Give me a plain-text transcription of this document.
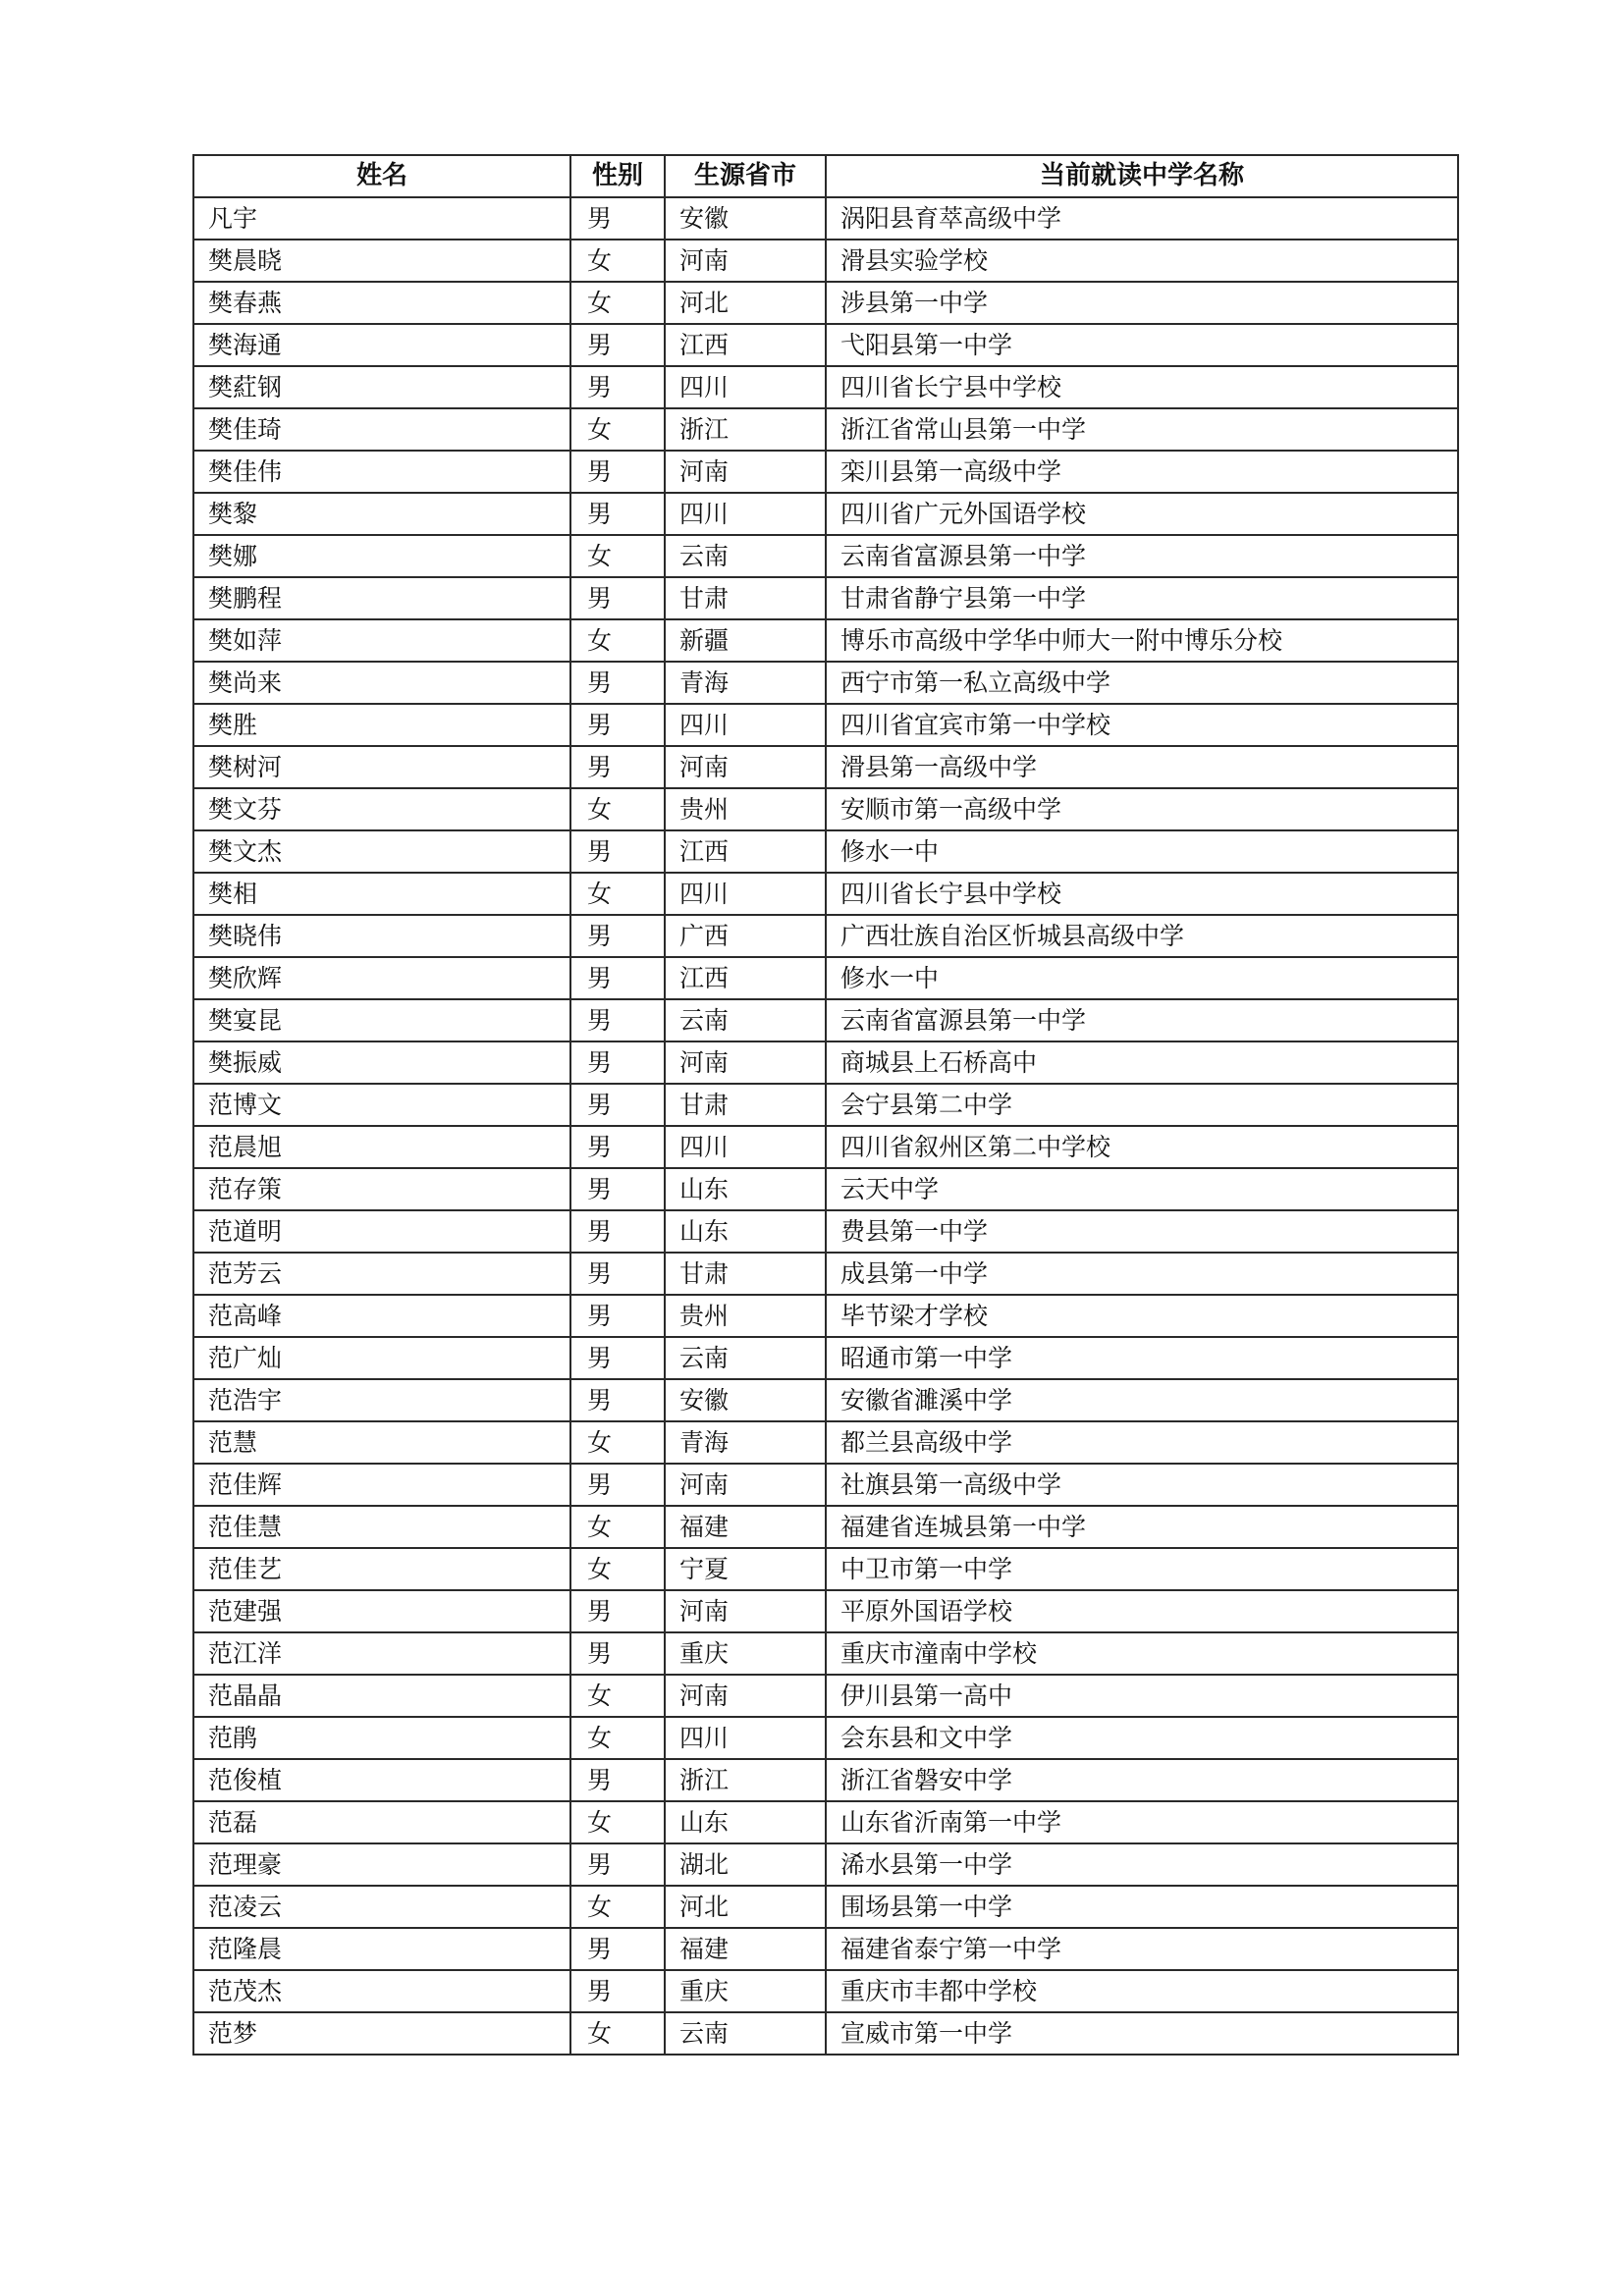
姓名	性别	生源省市	当前就读中学名称
凡宇	男	安徽	涡阳县育萃高级中学
樊晨晓	女	河南	滑县实验学校
樊春燕	女	河北	涉县第一中学
樊海通	男	江西	弋阳县第一中学
樊葒钢	男	四川	四川省长宁县中学校
樊佳琦	女	浙江	浙江省常山县第一中学
樊佳伟	男	河南	栾川县第一高级中学
樊黎	男	四川	四川省广元外国语学校
樊娜	女	云南	云南省富源县第一中学
樊鹏程	男	甘肃	甘肃省静宁县第一中学
樊如萍	女	新疆	博乐市高级中学华中师大一附中博乐分校
樊尚来	男	青海	西宁市第一私立高级中学
樊胜	男	四川	四川省宜宾市第一中学校
樊树河	男	河南	滑县第一高级中学
樊文芬	女	贵州	安顺市第一高级中学
樊文杰	男	江西	修水一中
樊相	女	四川	四川省长宁县中学校
樊晓伟	男	广西	广西壮族自治区忻城县高级中学
樊欣辉	男	江西	修水一中
樊宴昆	男	云南	云南省富源县第一中学
樊振威	男	河南	商城县上石桥高中
范博文	男	甘肃	会宁县第二中学
范晨旭	男	四川	四川省叙州区第二中学校
范存策	男	山东	云天中学
范道明	男	山东	费县第一中学
范芳云	男	甘肃	成县第一中学
范高峰	男	贵州	毕节梁才学校
范广灿	男	云南	昭通市第一中学
范浩宇	男	安徽	安徽省濉溪中学
范慧	女	青海	都兰县高级中学
范佳辉	男	河南	社旗县第一高级中学
范佳慧	女	福建	福建省连城县第一中学
范佳艺	女	宁夏	中卫市第一中学
范建强	男	河南	平原外国语学校
范江洋	男	重庆	重庆市潼南中学校
范晶晶	女	河南	伊川县第一高中
范鹃	女	四川	会东县和文中学
范俊植	男	浙江	浙江省磐安中学
范磊	女	山东	山东省沂南第一中学
范理豪	男	湖北	浠水县第一中学
范凌云	女	河北	围场县第一中学
范隆晨	男	福建	福建省泰宁第一中学
范茂杰	男	重庆	重庆市丰都中学校
范梦	女	云南	宣威市第一中学
